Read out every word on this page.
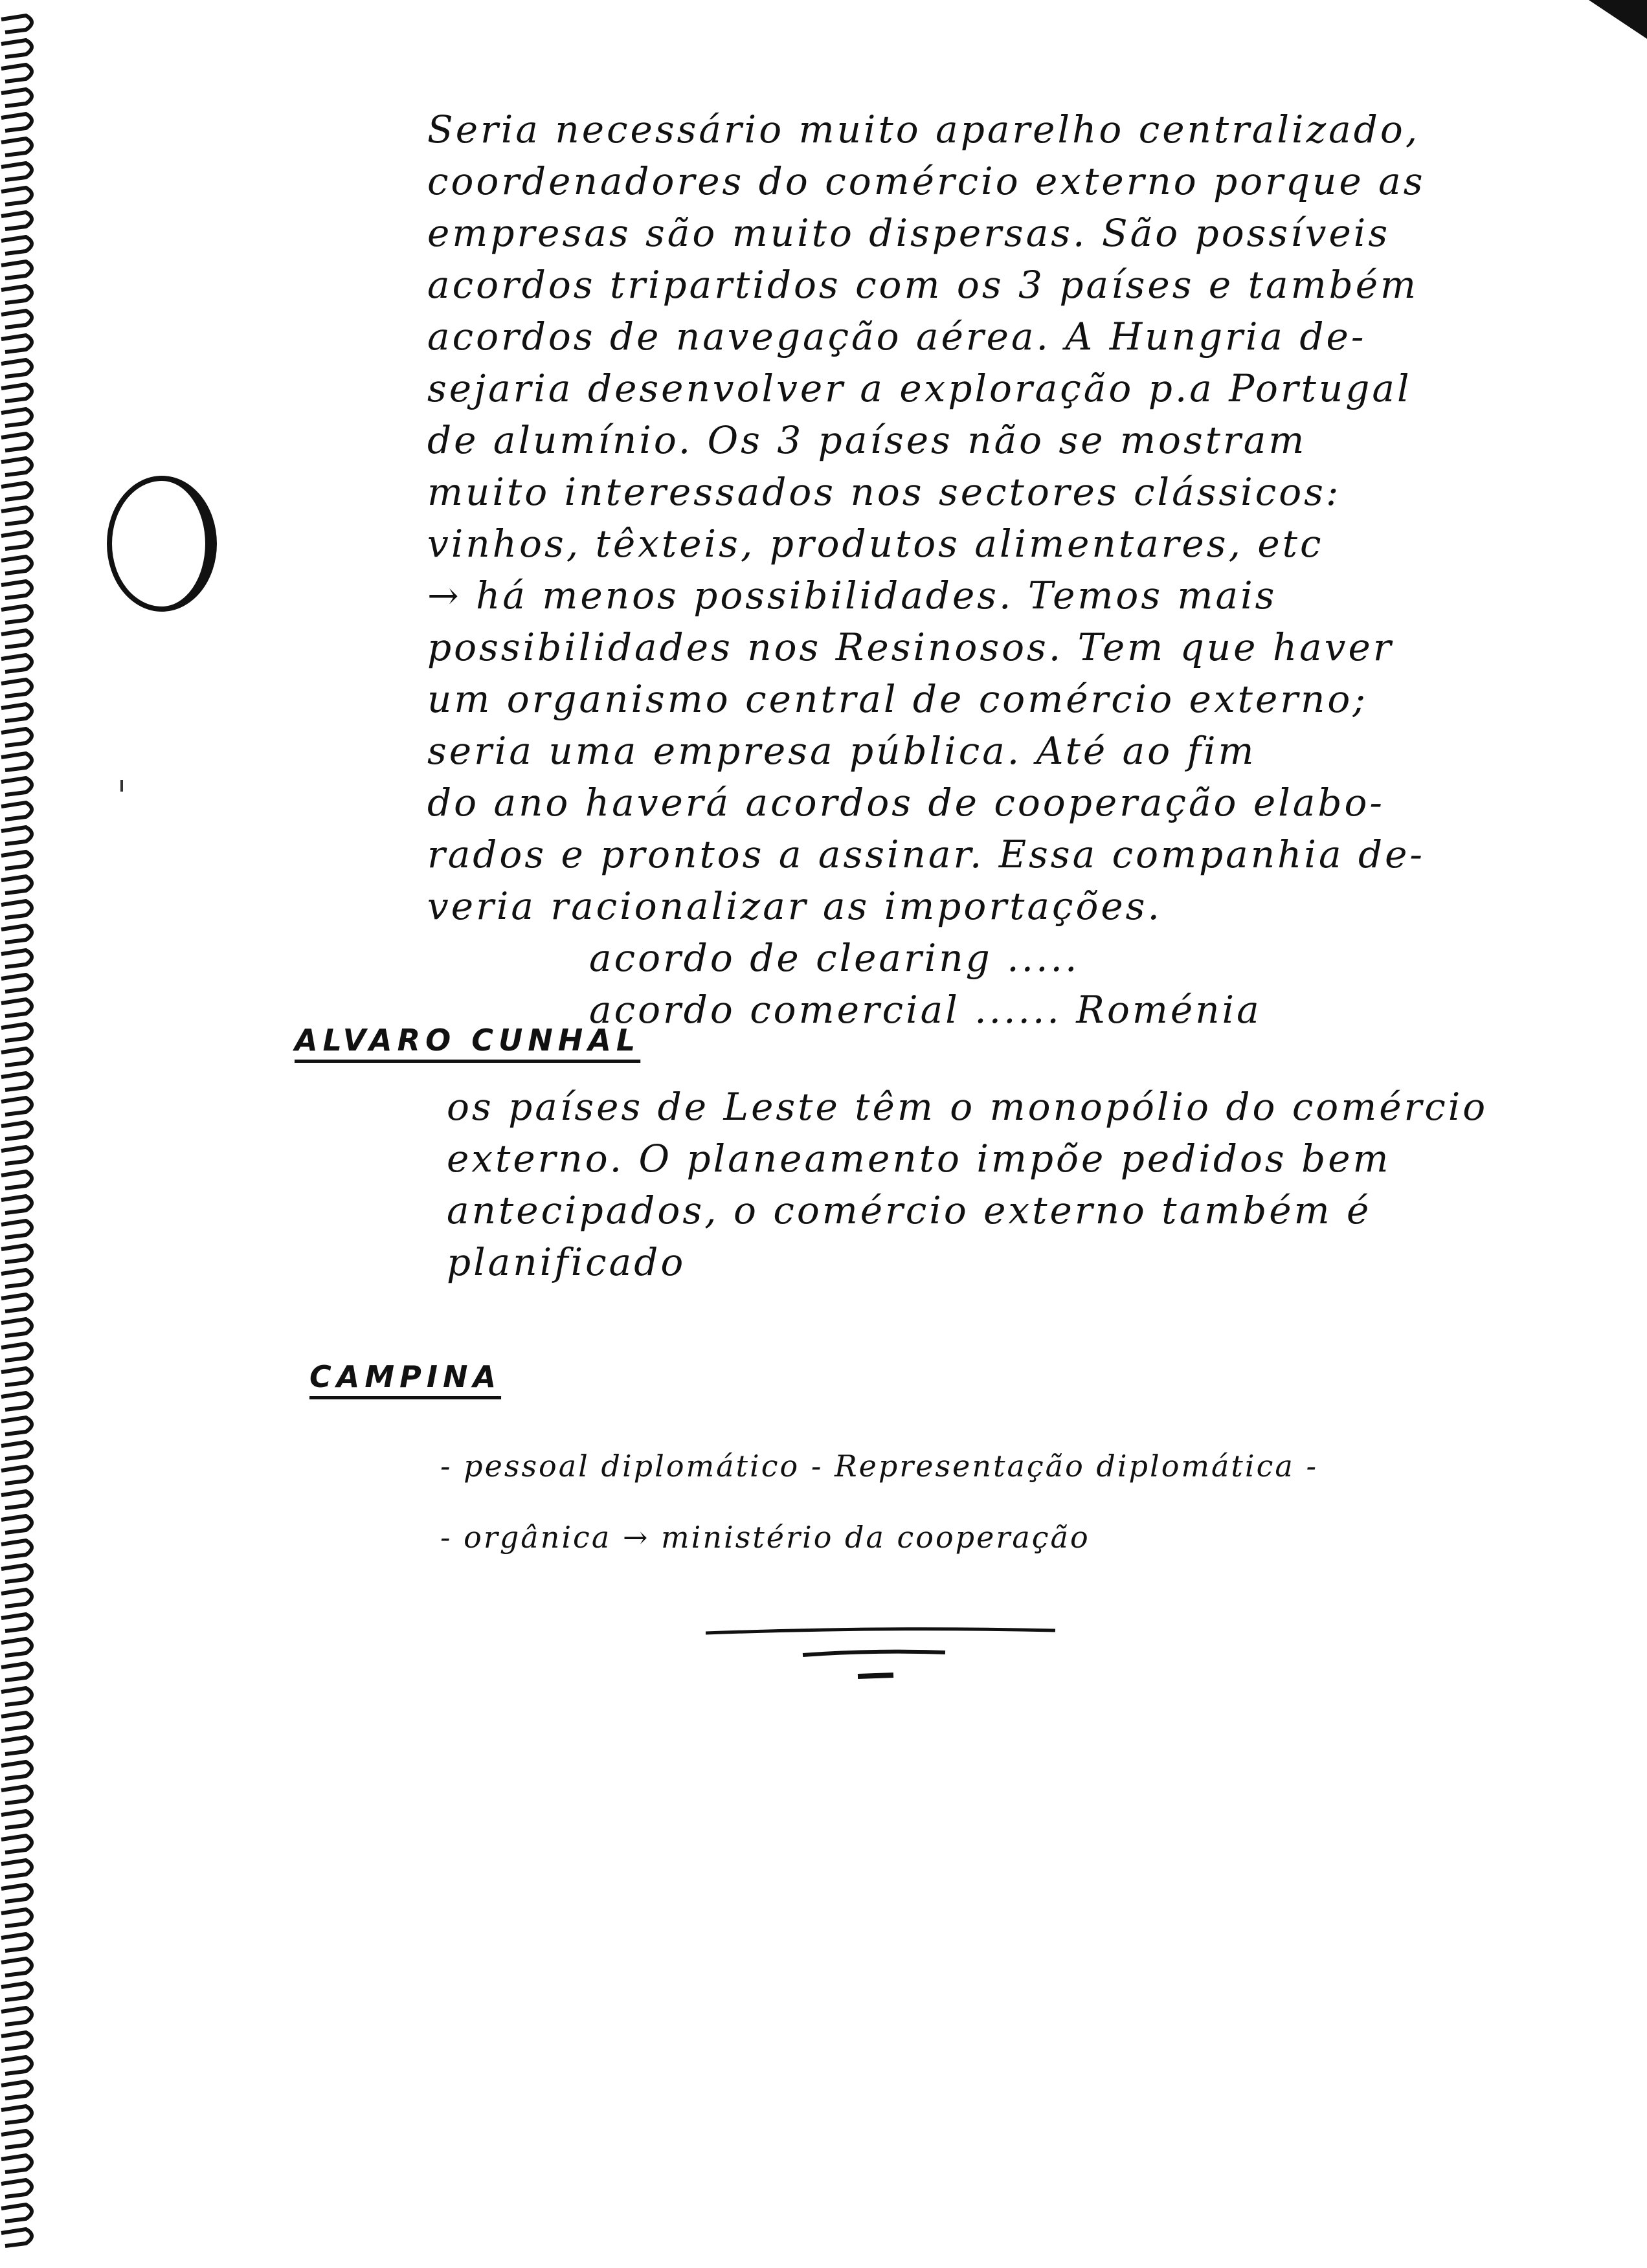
Seria necessário muito aparelho centralizado,
coordenadores do comércio externo porque as
empresas são muito dispersas. São possíveis
acordos tripartidos com os 3 países e também
acordos de navegação aérea. A Hungria de-
sejaria desenvolver a exploração p.a Portugal
de alumínio. Os 3 países não se mostram
muito interessados nos sectores clássicos:
vinhos, têxteis, produtos alimentares, etc
→ há menos possibilidades. Temos mais
possibilidades nos Resinosos. Tem que haver
um organismo central de comércio externo;
seria uma empresa pública. Até ao fim
do ano haverá acordos de cooperação elabo-
rados e prontos a assinar. Essa companhia de-
veria racionalizar as importações.
acordo de clearing .....
acordo comercial ...... Roménia
ALVARO CUNHAL
os países de Leste têm o monopólio do comércio
externo. O planeamento impõe pedidos bem
antecipados, o comércio externo também é
planificado
CAMPINA
- pessoal diplomático - Representação diplomática -
- orgânica → ministério da cooperação
